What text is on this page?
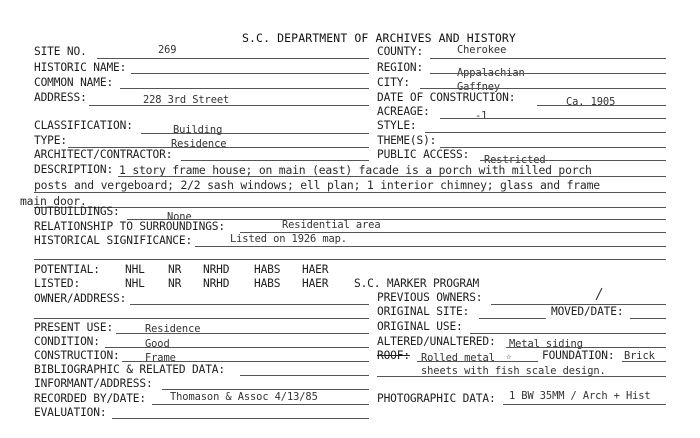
S.C. DEPARTMENT OF ARCHIVES AND HISTORY
SITE NO.	269
HISTORIC NAME:
COMMON NAME:
ADDRESS:	228 3rd Street
CLASSIFICATION:	Building
TYPE:	Residence
ARCHITECT/CONTRACTOR:
DESCRIPTION: 1 story frame house; on main (east) facade is a porch with milled porch
posts and vergeboard; 2/2 sash windows; ell plan; 1 interior chimney; glass and frame
main door.
OUTBUILDINGS:	None
RELATIONSHIP TO SURROUNDINGS:	Residential area
HISTORICAL SIGNIFICANCE:	Listed on 1926 map.
POTENTIAL: NHL NR NRHD HABS HAER
LISTED:	NHL NR NRHD HABS HAER
OWNER/ADDRESS:
PRESENT USE:	Residence
CONDITION:	Good
CONSTRUCTION: Frame
BIBLIOGRAPHIC & RELATED DATA:
INFORMANT/ADDRESS:
RECORDED BY/DATE: Thomason & Assoc 4/13/85
EVALUATION:
COUNTY:	Cherokee
REGION:	Appalachian
CITY:	Gaffney
DATE OF CONSTRUCTION:	Ca. 1905
ACREAGE:	-1
STYLE:
THEME(S):
PUBLIC ACCESS: Restricted
S.C. MARKER PROGRAM
PREVIOUS OWNERS:
ORIGINAL SITE:	MOVED/DATE:
ORIGINAL USE:
ALTERED/UNALTERED: Metal siding
ROOF: Rolled metal ☆	FOUNDATION: Brick
sheets with fish scale design.
PHOTOGRAPHIC DATA: 1 BW 35MM / Arch + Hist
